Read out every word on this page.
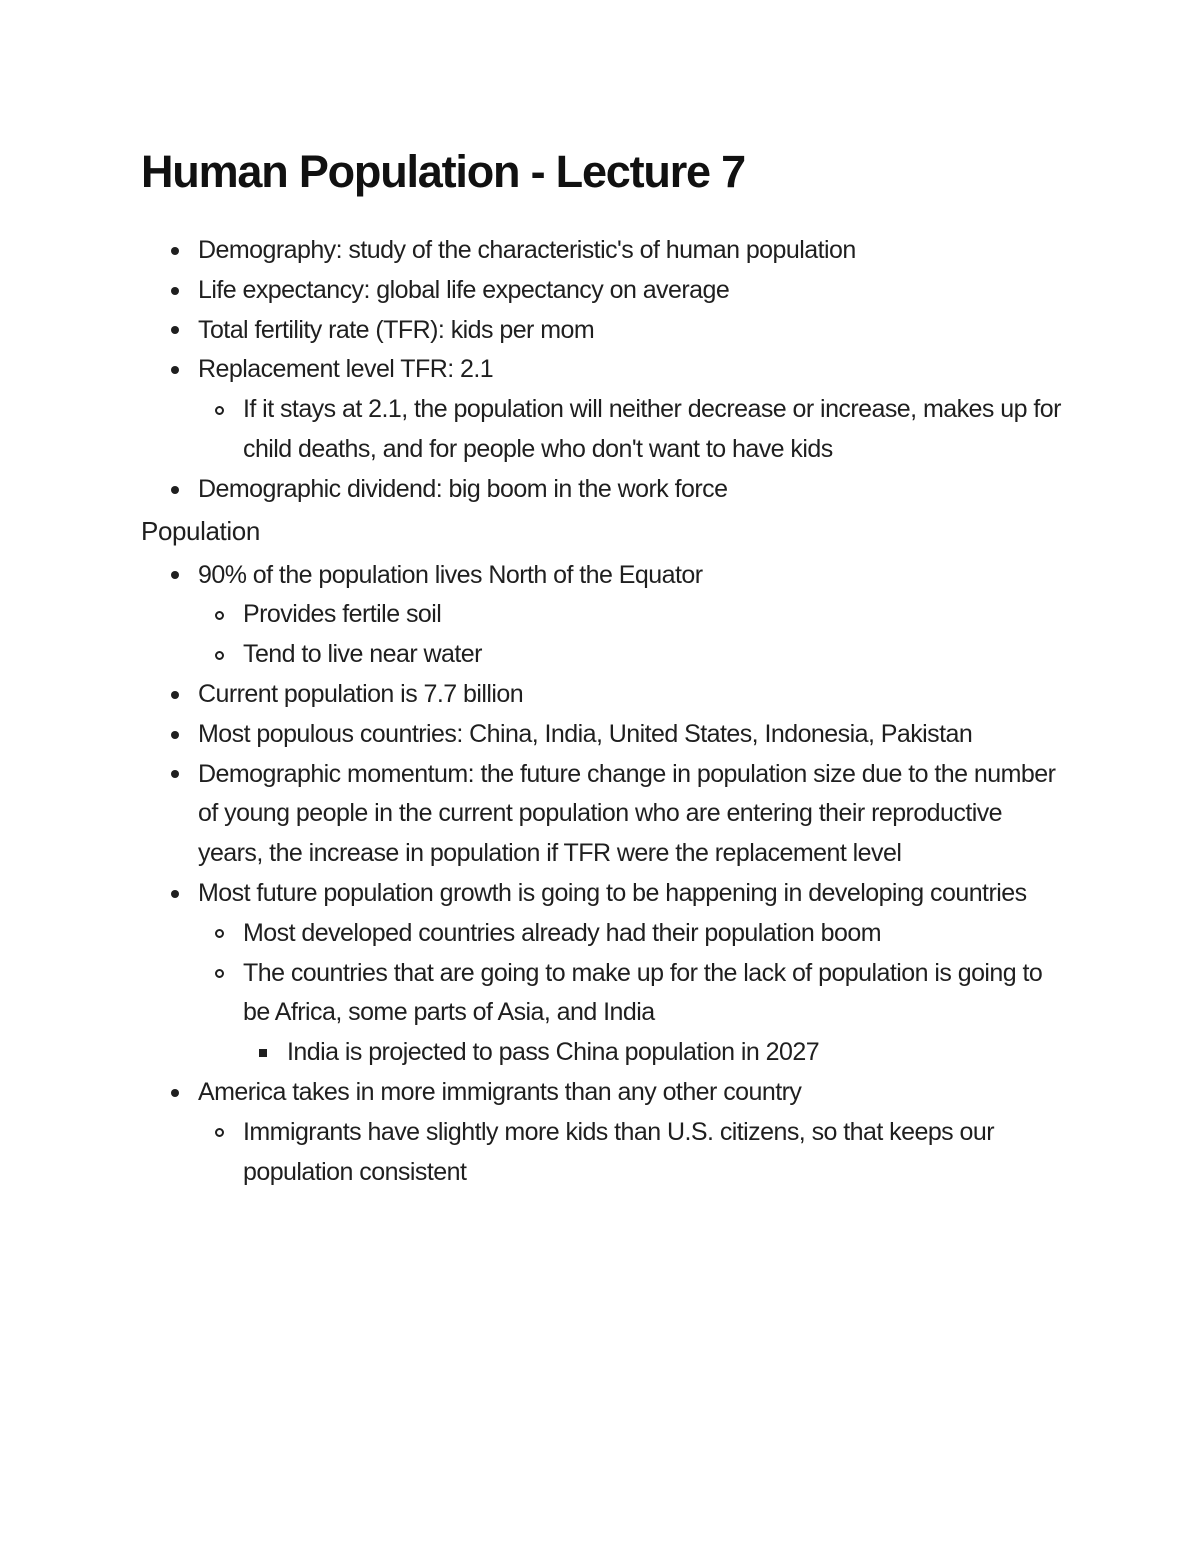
Human Population - Lecture 7
Demography: study of the characteristic's of human population
Life expectancy: global life expectancy on average
Total fertility rate (TFR): kids per mom
Replacement level TFR: 2.1
If it stays at 2.1, the population will neither decrease or increase, makes up for child deaths, and for people who don't want to have kids
Demographic dividend: big boom in the work force

Population

90% of the population lives North of the Equator
Provides fertile soil
Tend to live near water
Current population is 7.7 billion
Most populous countries: China, India, United States, Indonesia, Pakistan
Demographic momentum: the future change in population size due to the number of young people in the current population who are entering their reproductive years, the increase in population if TFR were the replacement level
Most future population growth is going to be happening in developing countries
Most developed countries already had their population boom
The countries that are going to make up for the lack of population is going to be Africa, some parts of Asia, and India
India is projected to pass China population in 2027
America takes in more immigrants than any other country
Immigrants have slightly more kids than U.S. citizens, so that keeps our population consistent
